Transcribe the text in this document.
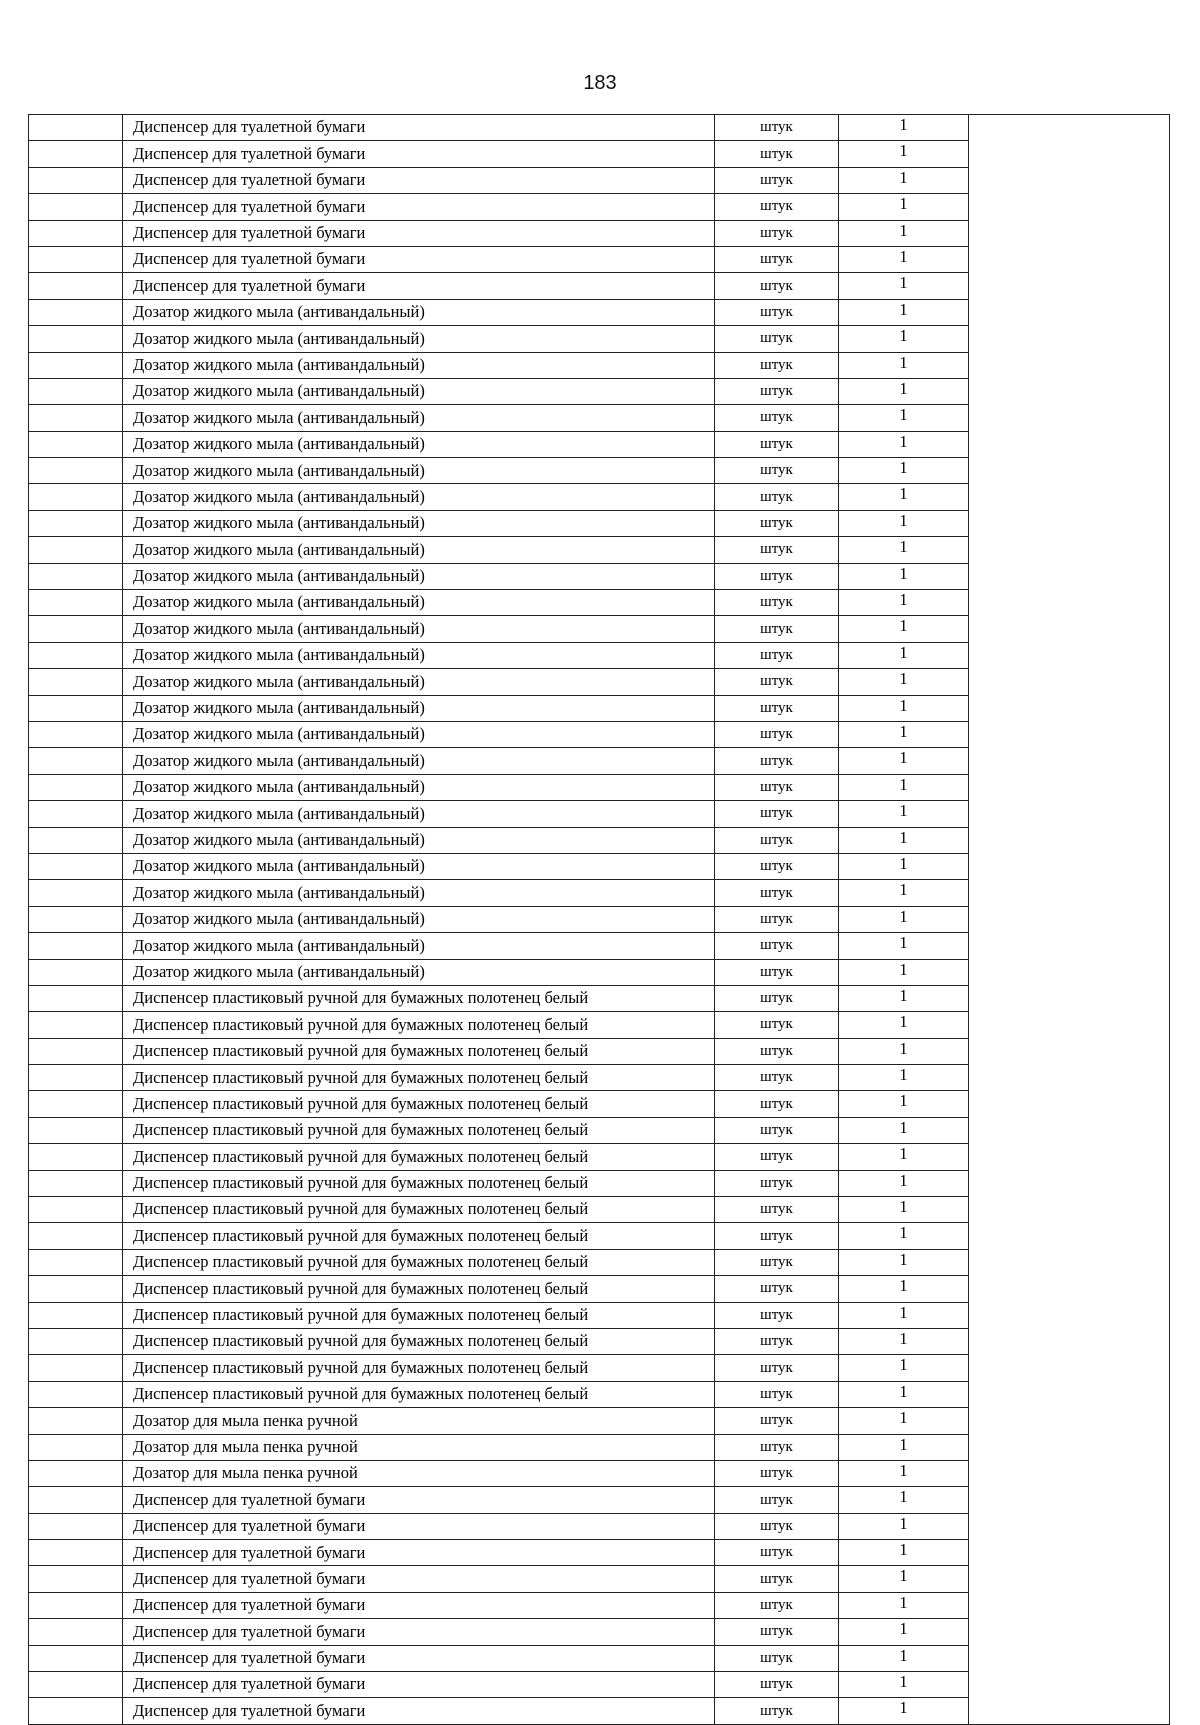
183
	Диспенсер для туалетной бумаги	штук	1	
	Диспенсер для туалетной бумаги	штук	1	
	Диспенсер для туалетной бумаги	штук	1	
	Диспенсер для туалетной бумаги	штук	1	
	Диспенсер для туалетной бумаги	штук	1	
	Диспенсер для туалетной бумаги	штук	1	
	Диспенсер для туалетной бумаги	штук	1	
	Дозатор жидкого мыла (антивандальный)	штук	1	
	Дозатор жидкого мыла (антивандальный)	штук	1	
	Дозатор жидкого мыла (антивандальный)	штук	1	
	Дозатор жидкого мыла (антивандальный)	штук	1	
	Дозатор жидкого мыла (антивандальный)	штук	1	
	Дозатор жидкого мыла (антивандальный)	штук	1	
	Дозатор жидкого мыла (антивандальный)	штук	1	
	Дозатор жидкого мыла (антивандальный)	штук	1	
	Дозатор жидкого мыла (антивандальный)	штук	1	
	Дозатор жидкого мыла (антивандальный)	штук	1	
	Дозатор жидкого мыла (антивандальный)	штук	1	
	Дозатор жидкого мыла (антивандальный)	штук	1	
	Дозатор жидкого мыла (антивандальный)	штук	1	
	Дозатор жидкого мыла (антивандальный)	штук	1	
	Дозатор жидкого мыла (антивандальный)	штук	1	
	Дозатор жидкого мыла (антивандальный)	штук	1	
	Дозатор жидкого мыла (антивандальный)	штук	1	
	Дозатор жидкого мыла (антивандальный)	штук	1	
	Дозатор жидкого мыла (антивандальный)	штук	1	
	Дозатор жидкого мыла (антивандальный)	штук	1	
	Дозатор жидкого мыла (антивандальный)	штук	1	
	Дозатор жидкого мыла (антивандальный)	штук	1	
	Дозатор жидкого мыла (антивандальный)	штук	1	
	Дозатор жидкого мыла (антивандальный)	штук	1	
	Дозатор жидкого мыла (антивандальный)	штук	1	
	Дозатор жидкого мыла (антивандальный)	штук	1	
	Диспенсер пластиковый ручной для бумажных полотенец белый	штук	1	
	Диспенсер пластиковый ручной для бумажных полотенец белый	штук	1	
	Диспенсер пластиковый ручной для бумажных полотенец белый	штук	1	
	Диспенсер пластиковый ручной для бумажных полотенец белый	штук	1	
	Диспенсер пластиковый ручной для бумажных полотенец белый	штук	1	
	Диспенсер пластиковый ручной для бумажных полотенец белый	штук	1	
	Диспенсер пластиковый ручной для бумажных полотенец белый	штук	1	
	Диспенсер пластиковый ручной для бумажных полотенец белый	штук	1	
	Диспенсер пластиковый ручной для бумажных полотенец белый	штук	1	
	Диспенсер пластиковый ручной для бумажных полотенец белый	штук	1	
	Диспенсер пластиковый ручной для бумажных полотенец белый	штук	1	
	Диспенсер пластиковый ручной для бумажных полотенец белый	штук	1	
	Диспенсер пластиковый ручной для бумажных полотенец белый	штук	1	
	Диспенсер пластиковый ручной для бумажных полотенец белый	штук	1	
	Диспенсер пластиковый ручной для бумажных полотенец белый	штук	1	
	Диспенсер пластиковый ручной для бумажных полотенец белый	штук	1	
	Дозатор для мыла пенка ручной	штук	1	
	Дозатор для мыла пенка ручной	штук	1	
	Дозатор для мыла пенка ручной	штук	1	
	Диспенсер для туалетной бумаги	штук	1	
	Диспенсер для туалетной бумаги	штук	1	
	Диспенсер для туалетной бумаги	штук	1	
	Диспенсер для туалетной бумаги	штук	1	
	Диспенсер для туалетной бумаги	штук	1	
	Диспенсер для туалетной бумаги	штук	1	
	Диспенсер для туалетной бумаги	штук	1	
	Диспенсер для туалетной бумаги	штук	1	
	Диспенсер для туалетной бумаги	штук	1	
